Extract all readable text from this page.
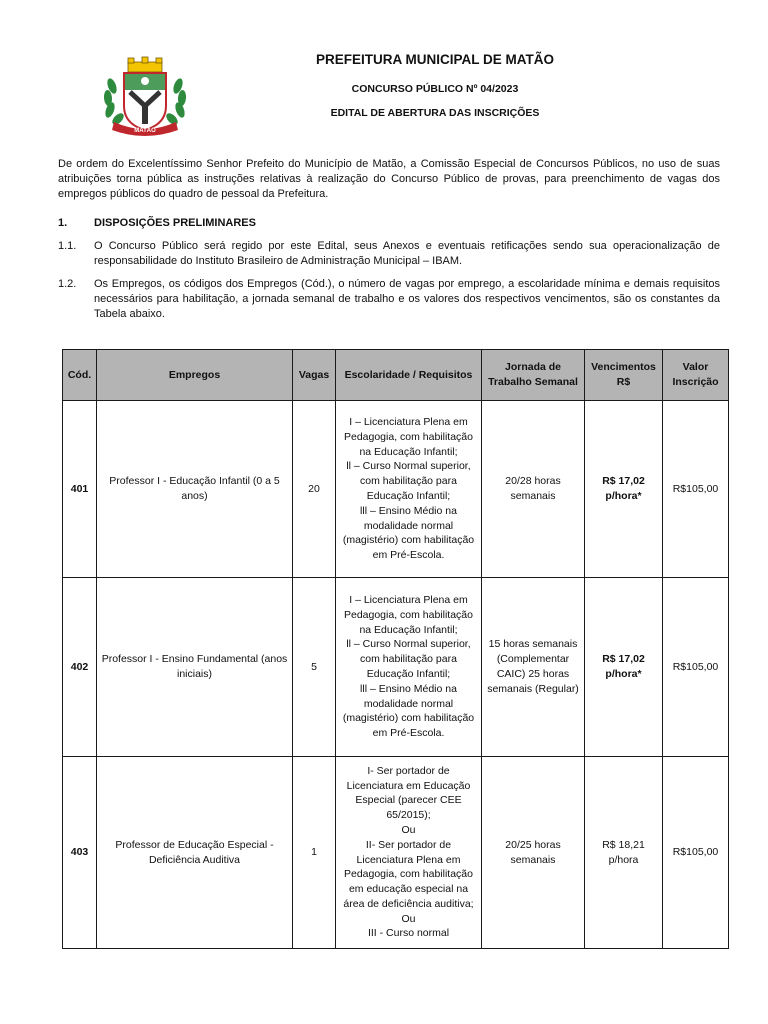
MATÃO
PREFEITURA MUNICIPAL DE MATÃO
CONCURSO PÚBLICO Nº 04/2023
EDITAL DE ABERTURA DAS INSCRIÇÕES
De ordem do Excelentíssimo Senhor Prefeito do Município de Matão, a Comissão Especial de Concursos Públicos, no uso de suas atribuições torna pública as instruções relativas à realização do Concurso Público de provas, para preenchimento de vagas dos empregos públicos do quadro de pessoal da Prefeitura.
1. DISPOSIÇÕES PRELIMINARES
1.1. O Concurso Público será regido por este Edital, seus Anexos e eventuais retificações sendo sua operacionalização de responsabilidade do Instituto Brasileiro de Administração Municipal – IBAM.
1.2. Os Empregos, os códigos dos Empregos (Cód.), o número de vagas por emprego, a escolaridade mínima e demais requisitos necessários para habilitação, a jornada semanal de trabalho e os valores dos respectivos vencimentos, são os constantes da Tabela abaixo.
Cód.	Empregos	Vagas	Escolaridade / Requisitos	Jornada de Trabalho Semanal	Vencimentos R$	Valor Inscrição
401	Professor I - Educação Infantil (0 a 5 anos)	20	I – Licenciatura Plena em Pedagogia, com habilitação na Educação Infantil;
ll – Curso Normal superior, com habilitação para Educação Infantil;
lll – Ensino Médio na modalidade normal (magistério) com habilitação em Pré-Escola.	20/28 horas semanais	R$ 17,02 p/hora*	R$105,00
402	Professor I - Ensino Fundamental (anos iniciais)	5	I – Licenciatura Plena em Pedagogia, com habilitação na Educação Infantil;
ll – Curso Normal superior, com habilitação para Educação Infantil;
lll – Ensino Médio na modalidade normal (magistério) com habilitação em Pré-Escola.	15 horas semanais (Complementar CAIC) 25 horas semanais (Regular)	R$ 17,02 p/hora*	R$105,00
403	Professor de Educação Especial - Deficiência Auditiva	1	I- Ser portador de Licenciatura em Educação Especial (parecer CEE 65/2015);
Ou
II- Ser portador de Licenciatura Plena em Pedagogia, com habilitação em educação especial na área de deficiência auditiva;
Ou
III - Curso normal	20/25 horas semanais	R$ 18,21 p/hora	R$105,00
